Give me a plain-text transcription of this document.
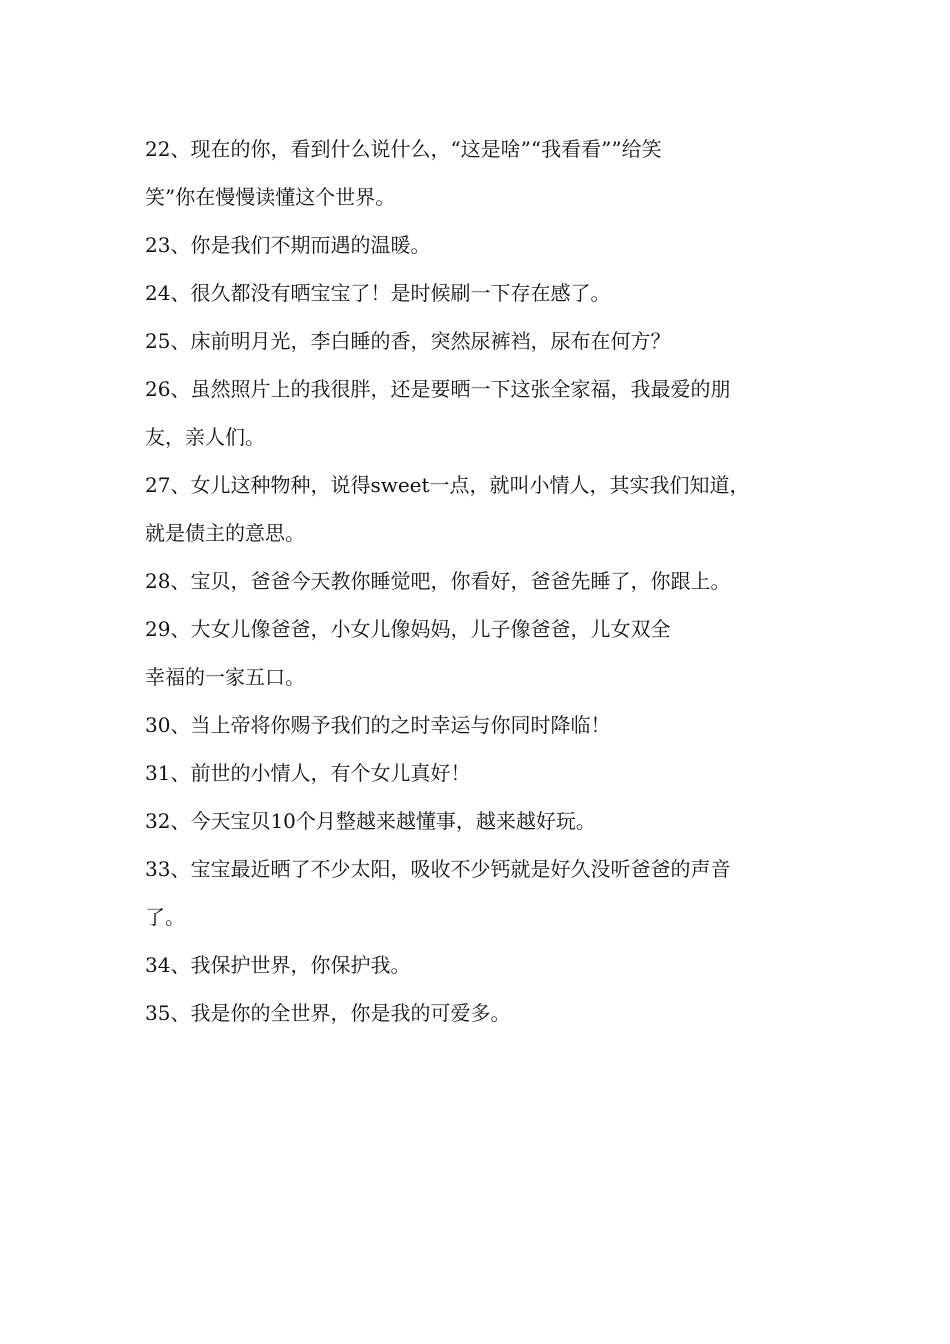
22、现在的你，看到什么说什么，“这是啥”“我看看””给笑
笑”你在慢慢读懂这个世界。
23、你是我们不期而遇的温暖。
24、很久都没有晒宝宝了！是时候刷一下存在感了。
25、床前明月光，李白睡的香，突然尿裤裆，尿布在何方？
26、虽然照片上的我很胖，还是要晒一下这张全家福，我最爱的朋
友，亲人们。
27、女儿这种物种，说得sweet一点，就叫小情人，其实我们知道，
就是债主的意思。
28、宝贝，爸爸今天教你睡觉吧，你看好，爸爸先睡了，你跟上。
29、大女儿像爸爸，小女儿像妈妈，儿子像爸爸，儿女双全
幸福的一家五口。
30、当上帝将你赐予我们的之时幸运与你同时降临！
31、前世的小情人，有个女儿真好！
32、今天宝贝10个月整越来越懂事，越来越好玩。
33、宝宝最近晒了不少太阳，吸收不少钙就是好久没听爸爸的声音
了。
34、我保护世界，你保护我。
35、我是你的全世界，你是我的可爱多。
